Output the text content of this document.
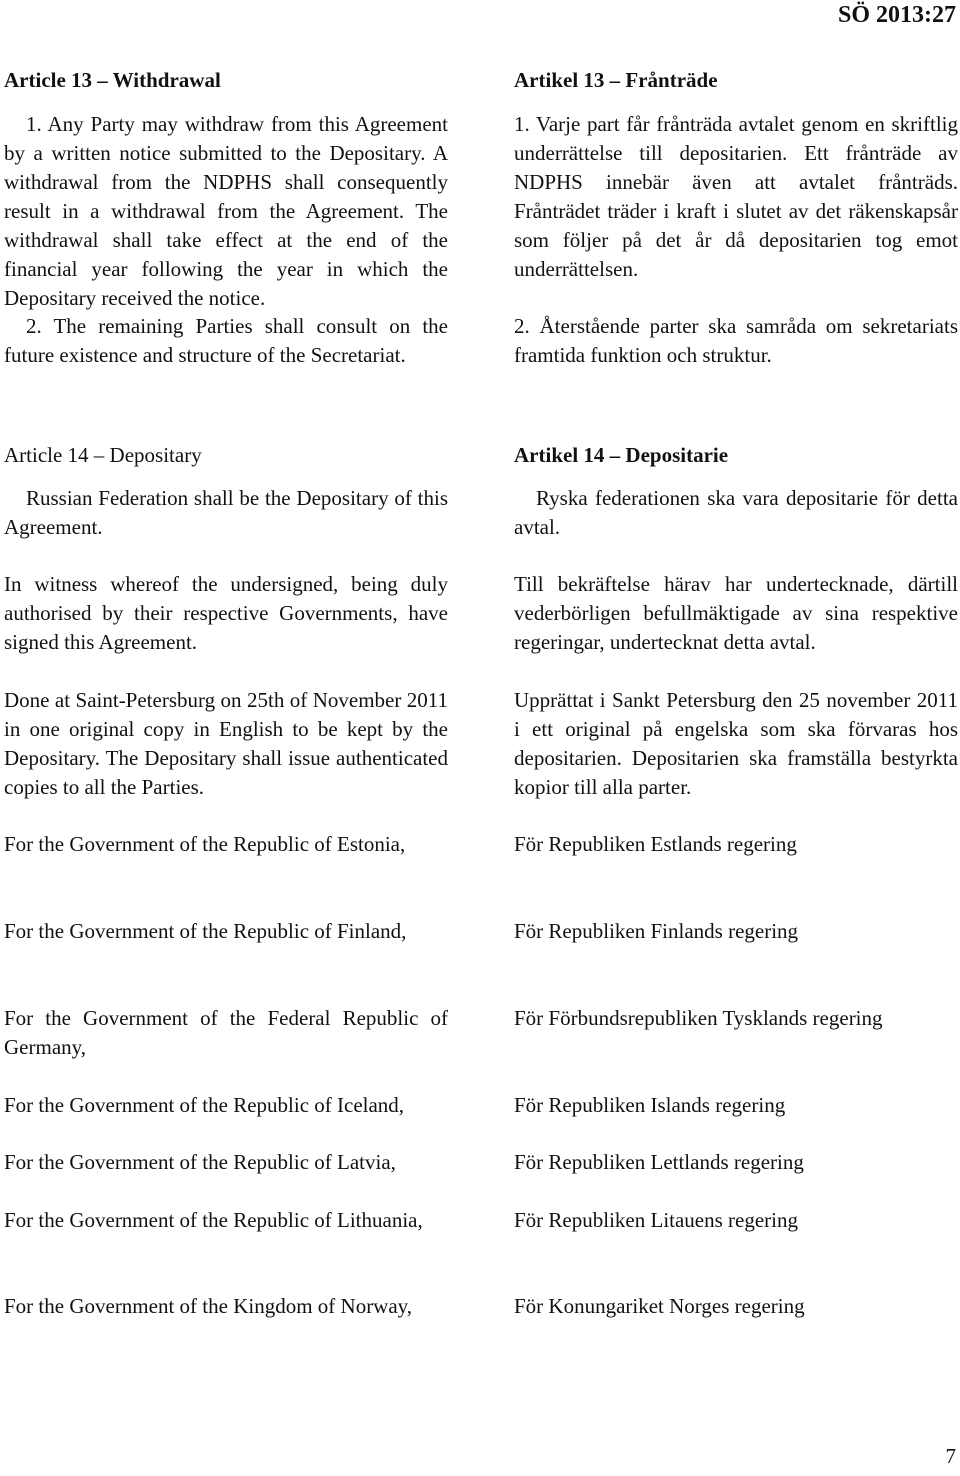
SÖ 2013:27
Article 13 – Withdrawal

1. Any Party may withdraw from this Agreement by a written notice submitted to the Depositary. A withdrawal from the NDPHS shall consequently result in a withdrawal from the Agreement. The withdrawal shall take effect at the end of the financial year following the year in which the Depositary received the notice.

2. The remaining Parties shall consult on the future existence and structure of the Secretariat.

Article 14 – Depositary

Russian Federation shall be the Depositary of this Agreement.

In witness whereof the undersigned, being duly authorised by their respective Governments, have signed this Agreement.

Done at Saint-Petersburg on 25th of November 2011 in one original copy in English to be kept by the Depositary. The Depositary shall issue authenticated copies to all the Parties.

For the Government of the Republic of Estonia,

For the Government of the Republic of Finland,

For the Government of the Federal Republic of Germany,

For the Government of the Republic of Iceland,

For the Government of the Republic of Latvia,

For the Government of the Republic of Lithuania,

For the Government of the Kingdom of Norway,

Artikel 13 – Frånträde

1. Varje part får frånträda avtalet genom en skriftlig underrättelse till depositarien. Ett frånträde av NDPHS innebär även att avtalet frånträds. Frånträdet träder i kraft i slutet av det räkenskapsår som följer på det år då depositarien tog emot underrättelsen.

2. Återstående parter ska samråda om sekretariats framtida funktion och struktur.

Artikel 14 – Depositarie

Ryska federationen ska vara depositarie för detta avtal.

Till bekräftelse härav har undertecknade, därtill vederbörligen befullmäktigade av sina respektive regeringar, undertecknat detta avtal.

Upprättat i Sankt Petersburg den 25 november 2011 i ett original på engelska som ska förvaras hos depositarien. Depositarien ska framställa bestyrkta kopior till alla parter.

För Republiken Estlands regering

För Republiken Finlands regering

För Förbundsrepubliken Tysklands regering

För Republiken Islands regering

För Republiken Lettlands regering

För Republiken Litauens regering

För Konungariket Norges regering

7
